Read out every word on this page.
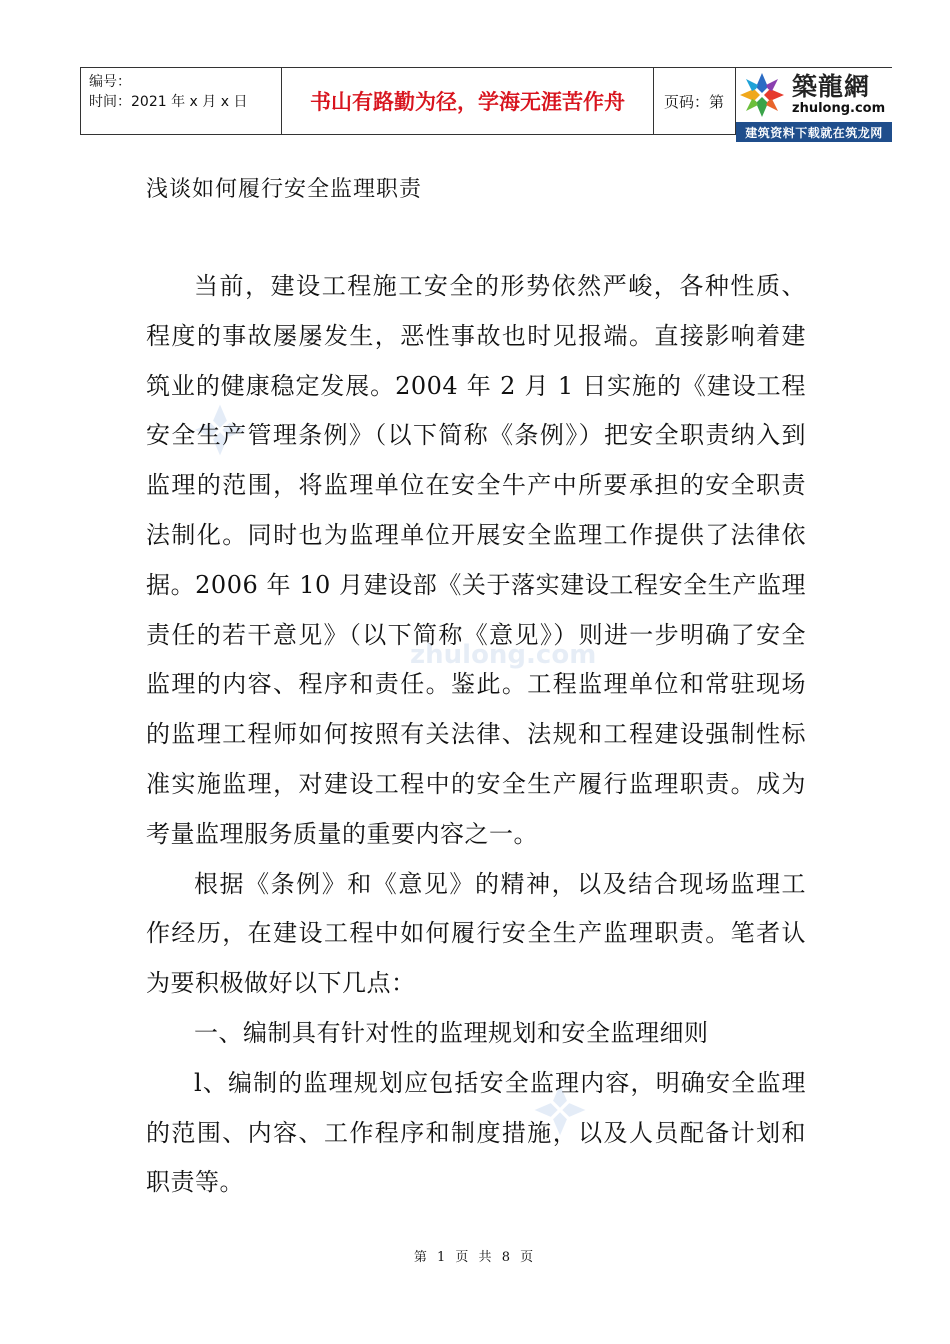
编号：
时间：2021 年 x 月 x 日	书山有路勤为径，学海无涯苦作舟	页码：第
築龍網
zhulong.com
建筑资料下载就在筑龙网
zhulong.com
浅谈如何履行安全监理职责

当前，建设工程施工安全的形势依然严峻，各种性质、程度的事故屡屡发生，恶性事故也时见报端。直接影响着建筑业的健康稳定发展。2004 年 2 月 1 日实施的《建设工程安全生产管理条例》（以下简称《条例》）把安全职责纳入到监理的范围，将监理单位在安全牛产中所要承担的安全职责法制化。同时也为监理单位开展安全监理工作提供了法律依据。2006 年 10 月建设部《关于落实建设工程安全生产监理责任的若干意见》（以下简称《意见》）则进一步明确了安全监理的内容、程序和责任。鉴此。工程监理单位和常驻现场的监理工程师如何按照有关法律、法规和工程建设强制性标准实施监理，对建设工程中的安全生产履行监理职责。成为考量监理服务质量的重要内容之一。

根据《条例》和《意见》的精神，以及结合现场监理工作经历，在建设工程中如何履行安全生产监理职责。笔者认为要积极做好以下几点：

一、编制具有针对性的监理规划和安全监理细则

l、编制的监理规划应包括安全监理内容，明确安全监理的范围、内容、工作程序和制度措施，以及人员配备计划和职责等。

第 1 页 共 8 页
